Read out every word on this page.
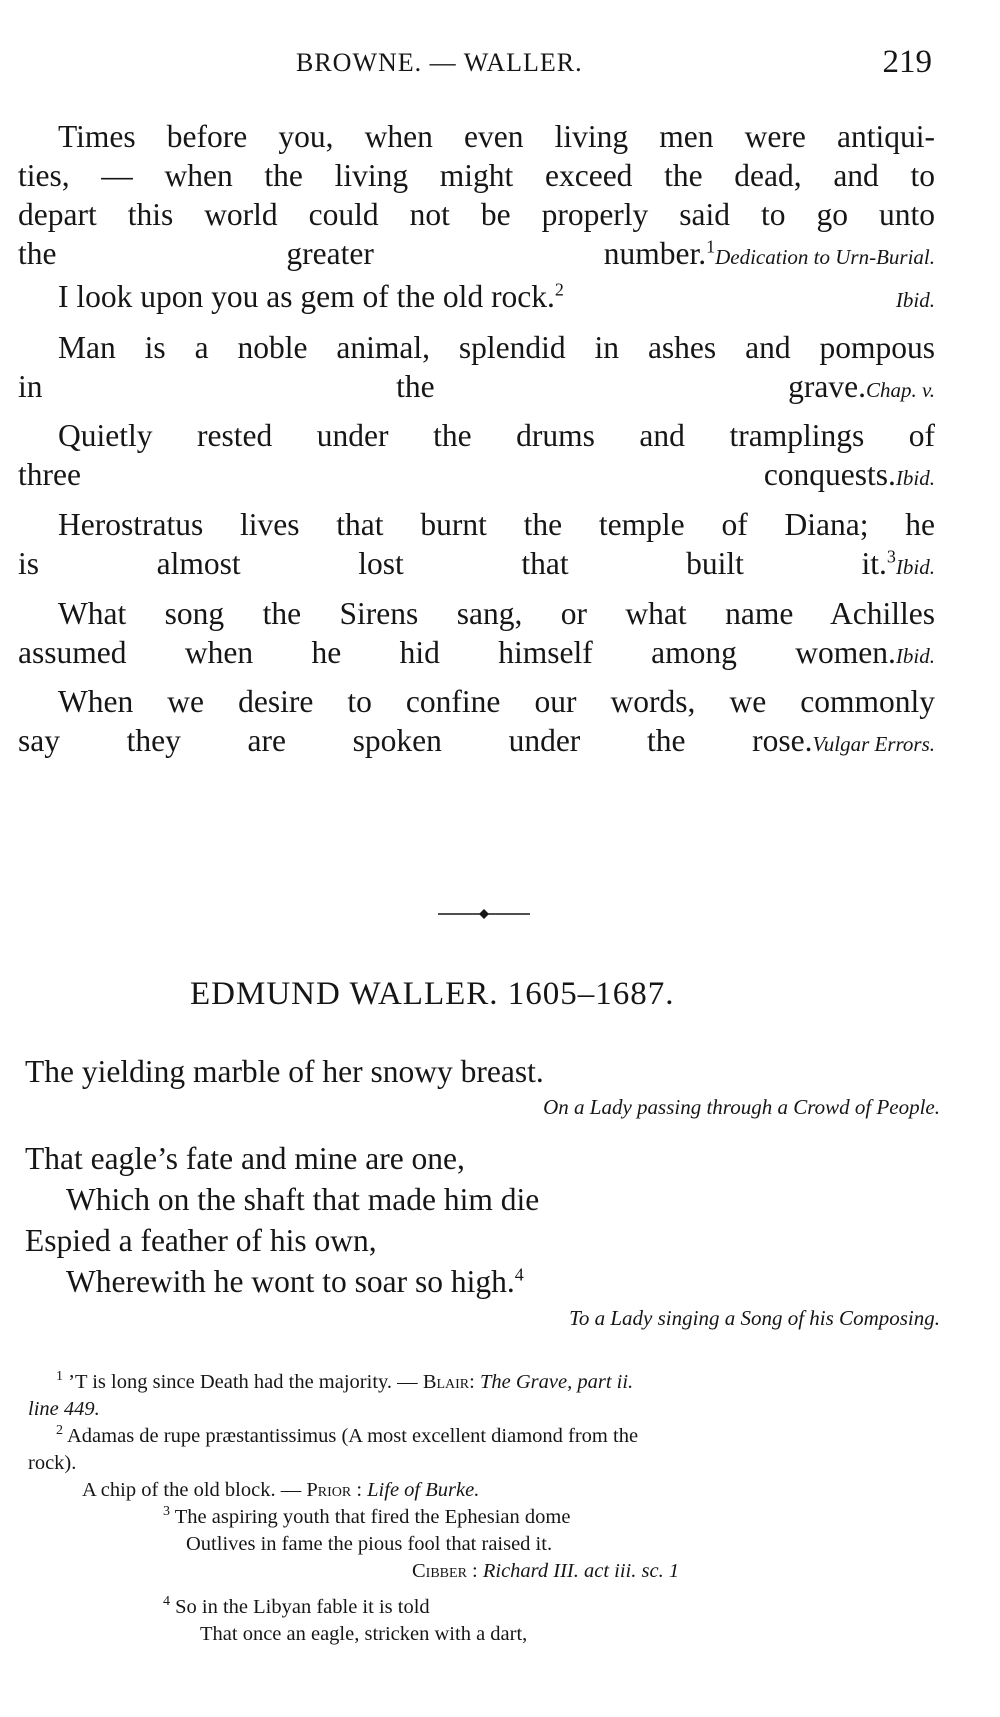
BROWNE. — WALLER.	219
Times before you, when even living men were antiqui-
ties, — when the living might exceed the dead, and to
depart this world could not be properly said to go unto
the greater number.$^1$ Dedication to Urn-Burial.
I look upon you as gem of the old rock.$^2$	Ibid.
Man is a noble animal, splendid in ashes and pompous
in the grave. Chap. v.
Quietly rested under the drums and tramplings of
three conquests. Ibid.
Herostratus lives that burnt the temple of Diana; he
is almost lost that built it.$^3$ Ibid.
What song the Sirens sang, or what name Achilles
assumed when he hid himself among women. Ibid.
When we desire to confine our words, we commonly
say they are spoken under the rose. Vulgar Errors.
EDMUND WALLER. 1605–1687.
The yielding marble of her snowy breast.
On a Lady passing through a Crowd of People.
That eagle’s fate and mine are one,
Which on the shaft that made him die
Espied a feather of his own,
Wherewith he wont to soar so high.$^4$
To a Lady singing a Song of his Composing.
$^1$ ’T is long since Death had the majority. — Blair: The Grave, part ii.
line 449.
$^2$ Adamas de rupe præstantissimus (A most excellent diamond from the
rock).
A chip of the old block. — Prior : Life of Burke.
$^3$ The aspiring youth that fired the Ephesian dome
Outlives in fame the pious fool that raised it.
Cibber : Richard III. act iii. sc. 1
$^4$ So in the Libyan fable it is told
That once an eagle, stricken with a dart,
